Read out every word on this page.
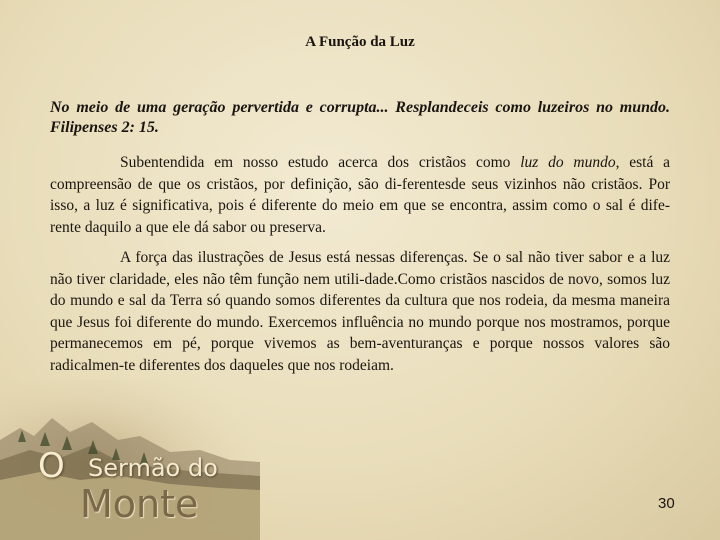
A Função da Luz

No meio de uma geração pervertida e corrupta... Resplandeceis como luzeiros no mundo. Filipenses 2: 15.

Subentendida em nosso estudo acerca dos cristãos como luz do mundo, está a compreensão de que os cristãos, por definição, são di-ferentesde seus vizinhos não cristãos. Por isso, a luz é significativa, pois é diferente do meio em que se encontra, assim como o sal é dife-rente daquilo a que ele dá sabor ou preserva.

A força das ilustrações de Jesus está nessas diferenças. Se o sal não tiver sabor e a luz não tiver claridade, eles não têm função nem utili-dade.Como cristãos nascidos de novo, somos luz do mundo e sal da Terra só quando somos diferentes da cultura que nos rodeia, da mesma maneira que Jesus foi diferente do mundo. Exercemos influência no mundo porque nos mostramos, porque permanecemos em pé, porque vivemos as bem-aventuranças e porque nossos valores são radicalmen-te diferentes dos daqueles que nos rodeiam.

O Sermão do
Monte	30
